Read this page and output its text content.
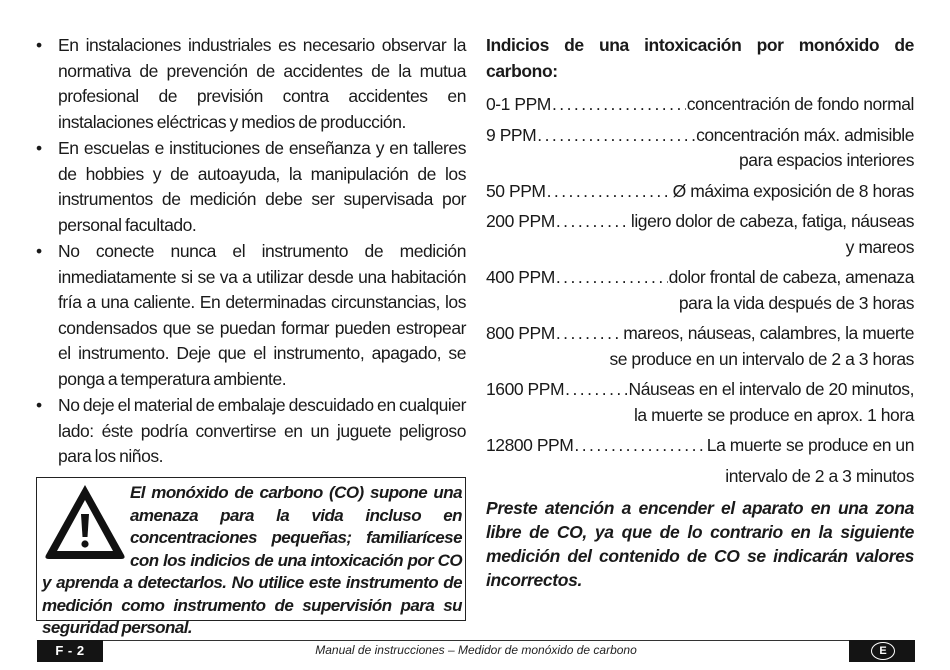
• En instalaciones industriales es necesario observar la normativa de prevención de accidentes de la mutua profesional de previsión contra accidentes en instalaciones eléctricas y medios de producción.
• En escuelas e instituciones de enseñanza y en talleres de hobbies y de autoayuda, la manipulación de los instrumentos de medición debe ser supervisada por personal facultado.
• No conecte nunca el instrumento de medición inmediatamente si se va a utilizar desde una habitación fría a una caliente. En determinadas circunstancias, los condensados que se puedan formar pueden estropear el instrumento. Deje que el instrumento, apagado, se ponga a temperatura ambiente.
• No deje el material de embalaje descuidado en cualquier lado: éste podría convertirse en un juguete peligroso para los niños.
El monóxido de carbono (CO) supone una amenaza para la vida incluso en concentraciones pequeñas; familiarícese con los indicios de una intoxicación por CO y aprenda a detectarlos. No utilice este instrumento de medición como instrumento de supervisión para su seguridad personal.
Indicios de una intoxicación por monóxido de carbono:
0-1 PPM . . .	concentración de fondo normal
9 PPM . . .	concentración máx. admisible
para espacios interiores
50 PPM . . .	Ø máxima exposición de 8 horas
200 PPM . . .	ligero dolor de cabeza, fatiga, náuseas
y mareos
400 PPM . . .	dolor frontal de cabeza, amenaza
para la vida después de 3 horas
800 PPM . . .	mareos, náuseas, calambres, la muerte
se produce en un intervalo de 2 a 3 horas
1600 PPM . . .	Náuseas en el intervalo de 20 minutos,
la muerte se produce en aprox. 1 hora
12800 PPM . . .	La muerte se produce en un
intervalo de 2 a 3 minutos
Preste atención a encender el aparato en una zona libre de CO, ya que de lo contrario en la siguiente medición del contenido de CO se indicarán valores incorrectos.
F - 2	Manual de instrucciones – Medidor de monóxido de carbono	E
